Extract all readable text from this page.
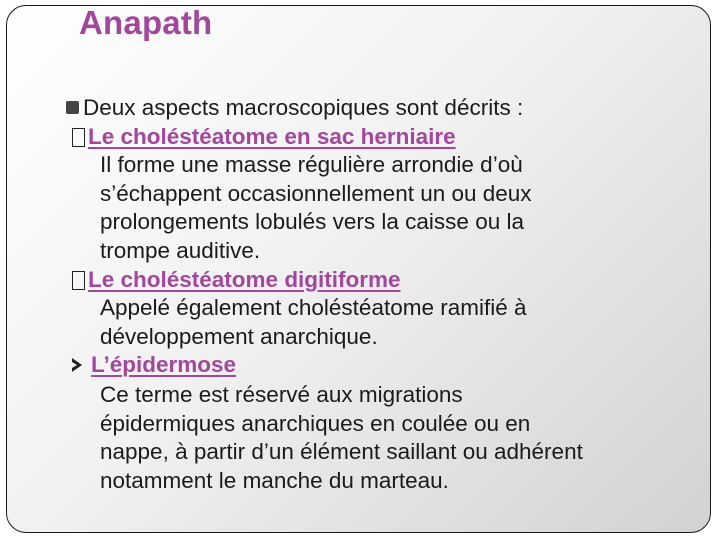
Anapath
Deux aspects macroscopiques sont décrits :
Le choléstéatome en sac herniaire
Il forme une masse régulière arrondie d’où
s’échappent occasionnellement un ou deux
prolongements lobulés vers la caisse ou la
trompe auditive.
Le choléstéatome digitiforme
Appelé également choléstéatome ramifié à
développement anarchique.
L’épidermose
Ce terme est réservé aux migrations
épidermiques anarchiques en coulée ou en
nappe, à partir d’un élément saillant ou adhérent
notamment le manche du marteau.
